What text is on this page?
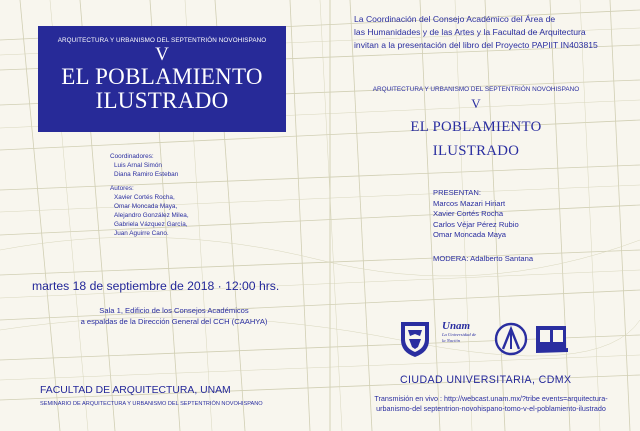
ARQUITECTURA Y URBANISMO DEL SEPTENTRIÓN NOVOHISPANO
V
EL POBLAMIENTO
ILUSTRADO
Coordinadores:
Luis Arnal Simón
Diana Ramiro Esteban
Autores:
Xavier Cortés Rocha,
Omar Moncada Maya,
Alejandro González Milea,
Gabriela Vázquez García,
Juan Aguirre Cano.
martes 18 de septiembre de 2018 · 12:00 hrs.
Sala 1, Edificio de los Consejos Académicos
a espaldas de la Dirección General del CCH (CAAHYA)
FACULTAD DE ARQUITECTURA, UNAM
SEMINARIO DE ARQUITECTURA Y URBANISMO DEL SEPTENTRIÓN NOVOHISPANO
La Coordinación del Consejo Académico del Área de
las Humanidades y de las Artes y la Facultad de Arquitectura
invitan a la presentación del libro del Proyecto PAPIIT IN403815
ARQUITECTURA Y URBANISMO DEL SEPTENTRIÓN NOVOHISPANO
V
EL POBLAMIENTO
ILUSTRADO
PRESENTAN:
Marcos Mazari Hiriart
Xavier Cortés Rocha
Carlos Véjar Pérez Rubio
Omar Moncada Maya
MODERA: Adalberto Santana
Unam
La Universidad de la Nación
CIUDAD UNIVERSITARIA, CDMX
Transmisión en vivo : http://webcast.unam.mx/?tribe events=arquitectura-
urbanismo-del septentrion-novohispano-tomo-v-el-poblamiento-ilustrado
